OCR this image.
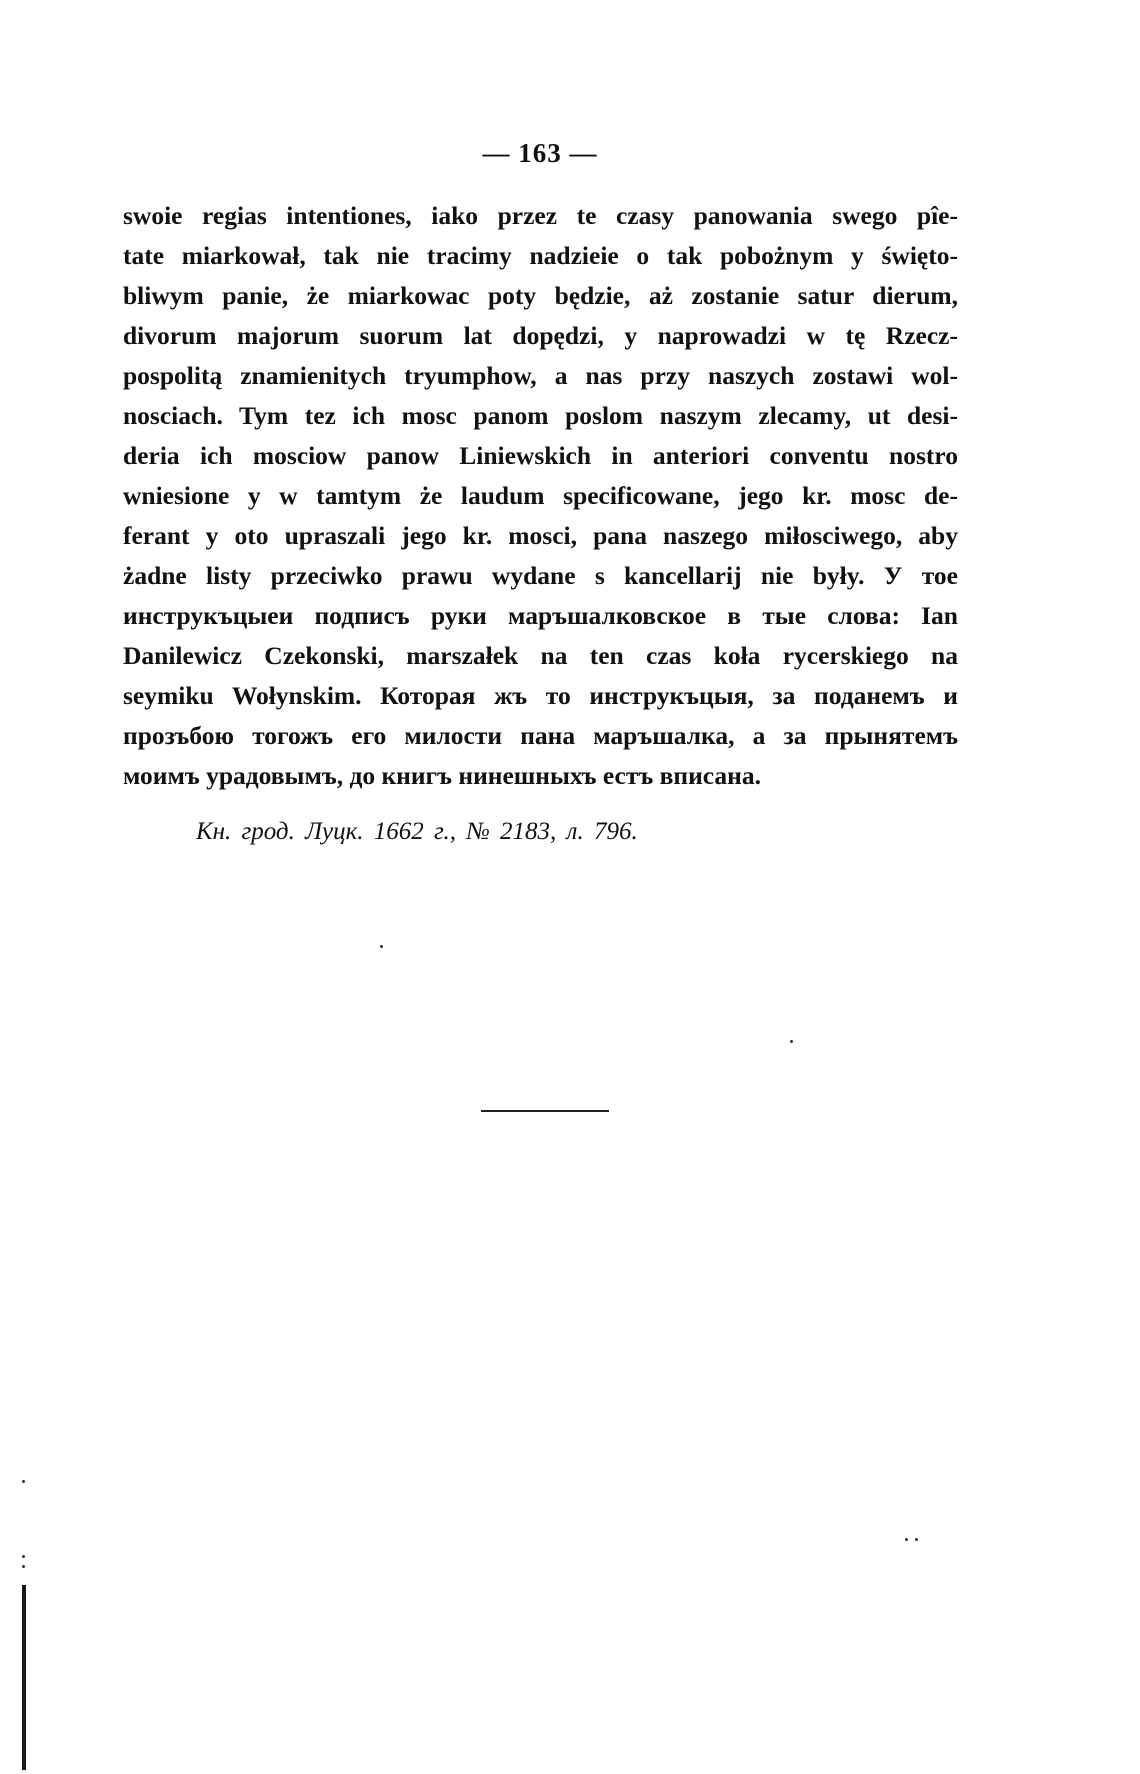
— 163 —
swoie regias intentiones, iako przez te czasy panowania swego pîe-
tate miarkował, tak nie tracimy nadzieie o tak pobożnym y święto-
bliwym panie, że miarkowac poty będzie, aż zostanie satur dierum,
divorum majorum suorum lat dopędzi, y naprowadzi w tę Rzecz-
pospolitą znamienitych tryumphow, a nas przy naszych zostawi wol-
nosciach. Tym tez ich mosc panom poslom naszym zlecamy, ut desi-
deria ich mosciow panow Liniewskich in anteriori conventu nostro
wniesione y w tamtym że laudum specificowane, jego kr. mosc de-
ferant y oto upraszali jego kr. mosci, pana naszego miłosciwego, aby
żadne listy przeciwko prawu wydane s kancellarij nie były. У тое
инструкъцыеи подписъ руки маръшалковское в тые слова: Ian
Danilewicz Czekonski, marszałek na ten czas koła rycerskiego na
seymiku Wołynskim. Которая жъ то инструкъцыя, за поданемъ и
прозъбою тогожъ его милости пана маръшалка, а за прынятемъ
моимъ урадовымъ, до книгъ нинешныхъ естъ вписана.
Кн. грод. Луцк. 1662 г., № 2183, л. 796.
